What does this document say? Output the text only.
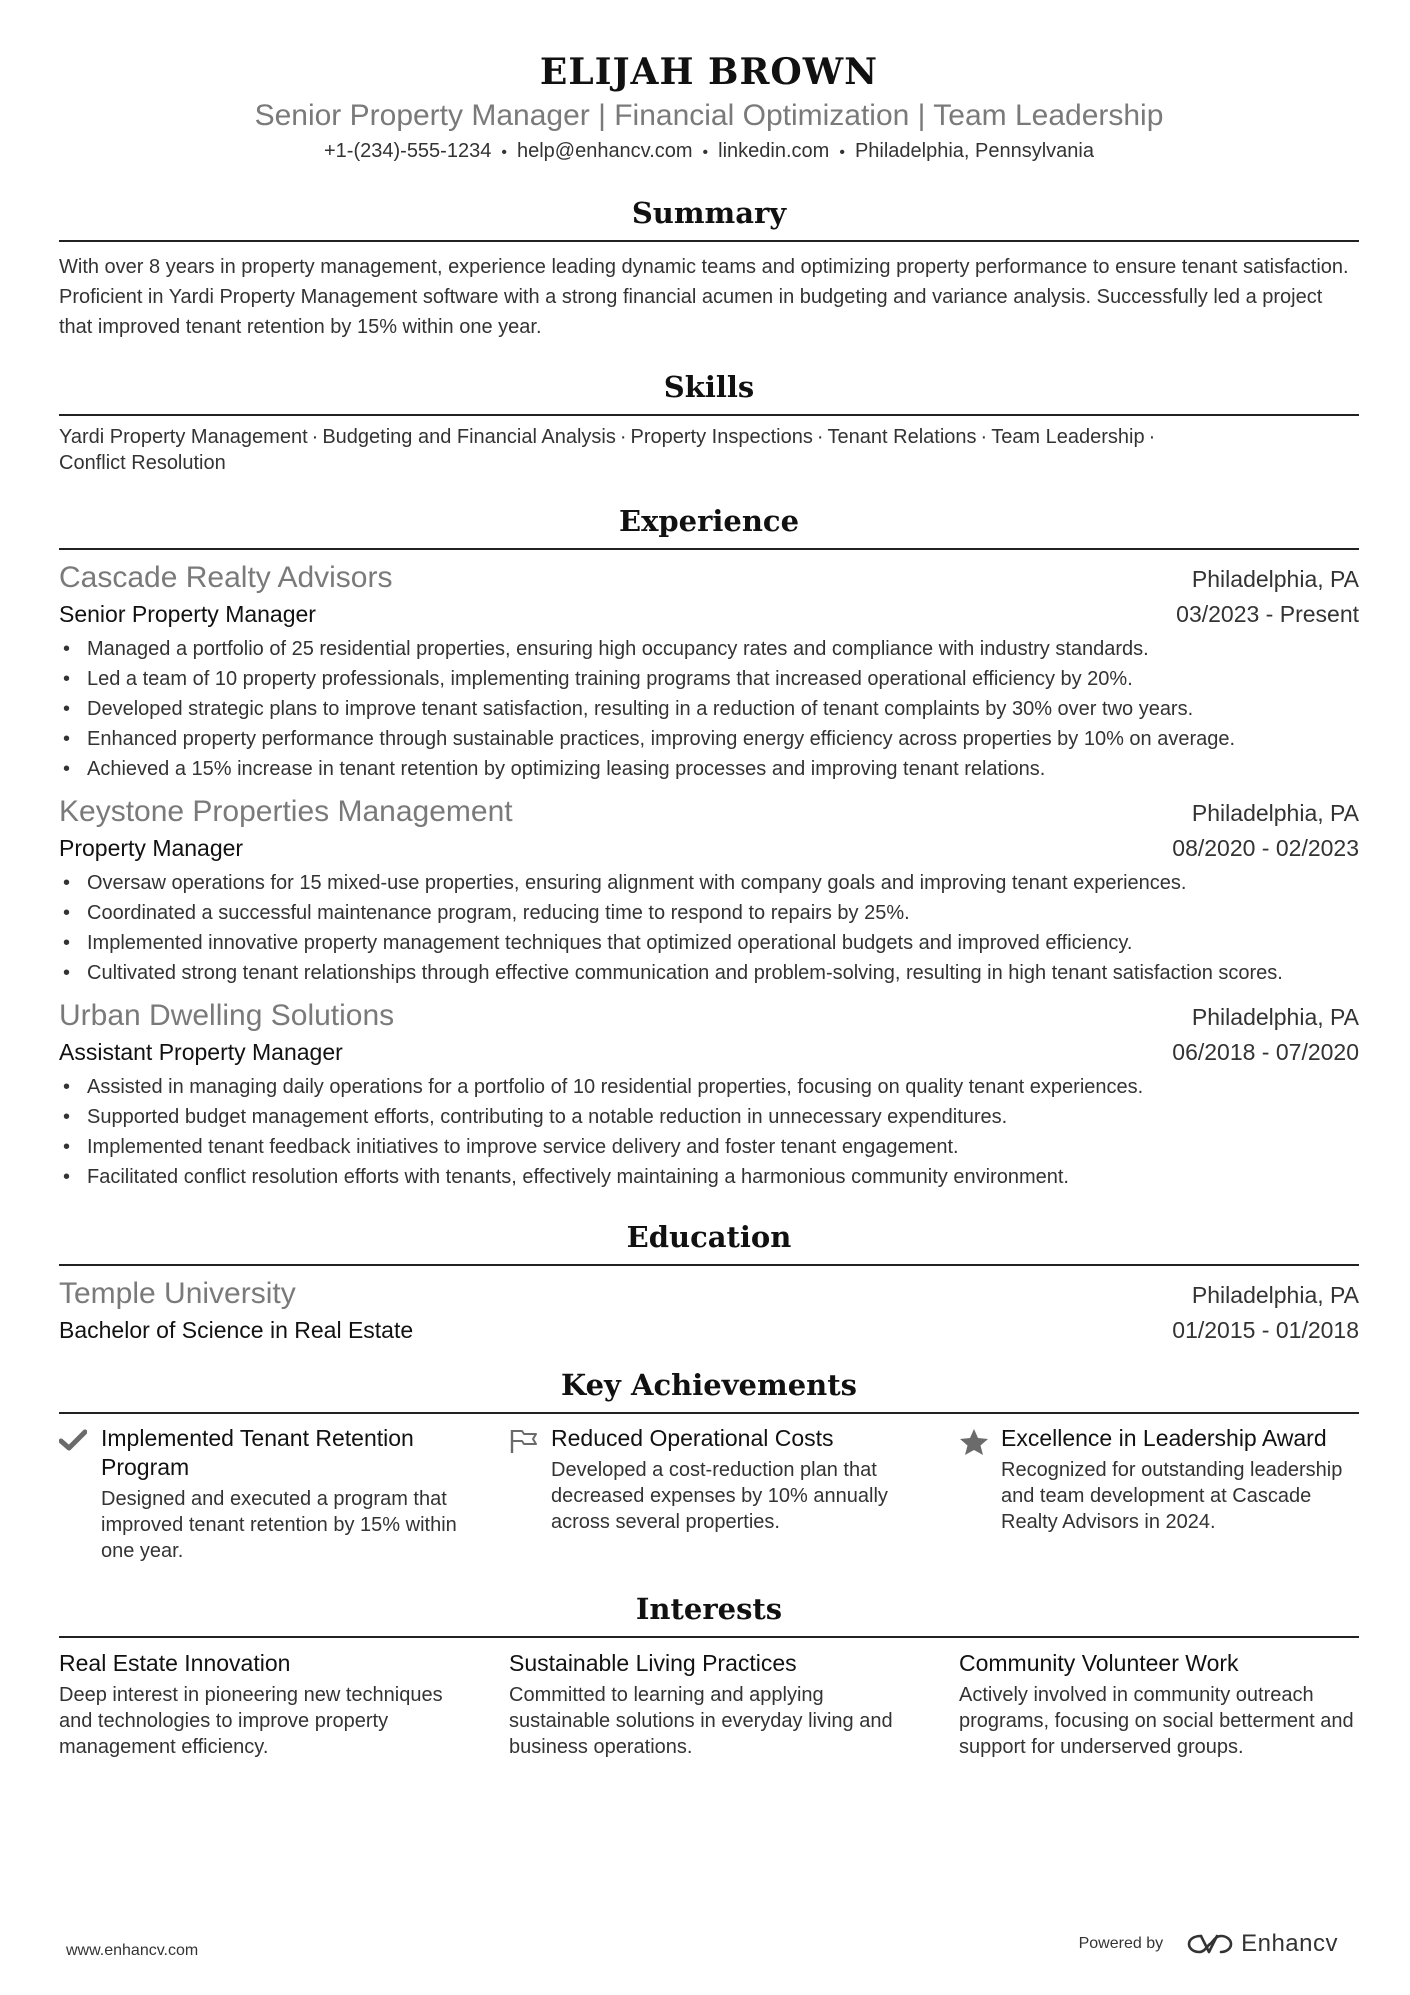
ELIJAH BROWN
Senior Property Manager | Financial Optimization | Team Leadership
+1-(234)-555-1234 • help@enhancv.com • linkedin.com • Philadelphia, Pennsylvania
Summary
With over 8 years in property management, experience leading dynamic teams and optimizing property performance to ensure tenant satisfaction. Proficient in Yardi Property Management software with a strong financial acumen in budgeting and variance analysis. Successfully led a project that improved tenant retention by 15% within one year.
Skills
Yardi Property Management · Budgeting and Financial Analysis · Property Inspections · Tenant Relations · Team Leadership ·
Conflict Resolution
Experience
Cascade Realty Advisors	Philadelphia, PA
Senior Property Manager	03/2023 - Present
• Managed a portfolio of 25 residential properties, ensuring high occupancy rates and compliance with industry standards.
• Led a team of 10 property professionals, implementing training programs that increased operational efficiency by 20%.
• Developed strategic plans to improve tenant satisfaction, resulting in a reduction of tenant complaints by 30% over two years.
• Enhanced property performance through sustainable practices, improving energy efficiency across properties by 10% on average.
• Achieved a 15% increase in tenant retention by optimizing leasing processes and improving tenant relations.
Keystone Properties Management	Philadelphia, PA
Property Manager	08/2020 - 02/2023
• Oversaw operations for 15 mixed-use properties, ensuring alignment with company goals and improving tenant experiences.
• Coordinated a successful maintenance program, reducing time to respond to repairs by 25%.
• Implemented innovative property management techniques that optimized operational budgets and improved efficiency.
• Cultivated strong tenant relationships through effective communication and problem-solving, resulting in high tenant satisfaction scores.
Urban Dwelling Solutions	Philadelphia, PA
Assistant Property Manager	06/2018 - 07/2020
• Assisted in managing daily operations for a portfolio of 10 residential properties, focusing on quality tenant experiences.
• Supported budget management efforts, contributing to a notable reduction in unnecessary expenditures.
• Implemented tenant feedback initiatives to improve service delivery and foster tenant engagement.
• Facilitated conflict resolution efforts with tenants, effectively maintaining a harmonious community environment.
Education
Temple University	Philadelphia, PA
Bachelor of Science in Real Estate	01/2015 - 01/2018
Key Achievements
Implemented Tenant Retention Program
Designed and executed a program that improved tenant retention by 15% within one year.
Reduced Operational Costs
Developed a cost-reduction plan that decreased expenses by 10% annually across several properties.
Excellence in Leadership Award
Recognized for outstanding leadership and team development at Cascade Realty Advisors in 2024.
Interests
Real Estate Innovation
Deep interest in pioneering new techniques and technologies to improve property management efficiency.
Sustainable Living Practices
Committed to learning and applying sustainable solutions in everyday living and business operations.
Community Volunteer Work
Actively involved in community outreach programs, focusing on social betterment and support for underserved groups.
www.enhancv.com	Powered by	Enhancv
